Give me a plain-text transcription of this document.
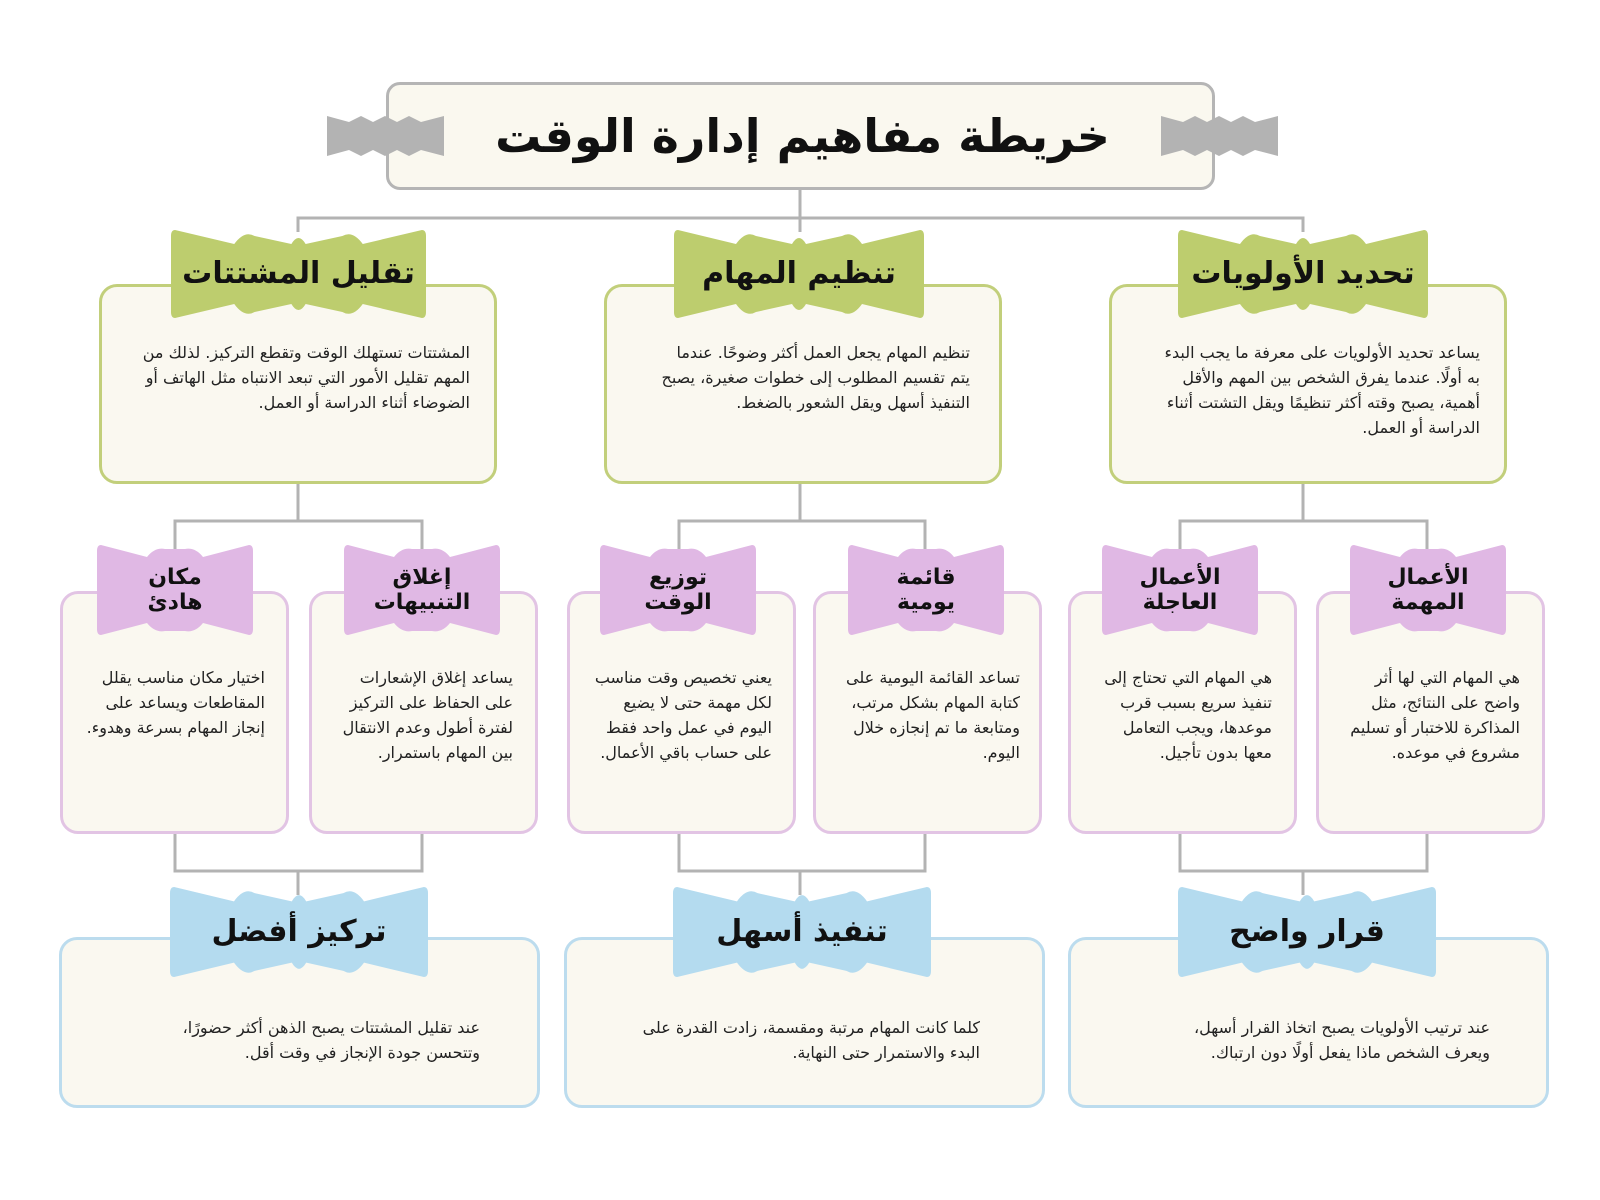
خريطة مفاهيم إدارة الوقت
تحديد الأولويات
يساعد تحديد الأولويات على معرفة ما يجب البدء به أولًا. عندما يفرق الشخص بين المهم والأقل أهمية، يصبح وقته أكثر تنظيمًا ويقل التشتت أثناء الدراسة أو العمل.
تنظيم المهام
تنظيم المهام يجعل العمل أكثر وضوحًا. عندما يتم تقسيم المطلوب إلى خطوات صغيرة، يصبح التنفيذ أسهل ويقل الشعور بالضغط.
تقليل المشتتات
المشتتات تستهلك الوقت وتقطع التركيز. لذلك من المهم تقليل الأمور التي تبعد الانتباه مثل الهاتف أو الضوضاء أثناء الدراسة أو العمل.
الأعمال
المهمة
هي المهام التي لها أثر واضح على النتائج، مثل المذاكرة للاختبار أو تسليم مشروع في موعده.
الأعمال
العاجلة
هي المهام التي تحتاج إلى تنفيذ سريع بسبب قرب موعدها، ويجب التعامل معها بدون تأجيل.
قائمة
يومية
تساعد القائمة اليومية على كتابة المهام بشكل مرتب، ومتابعة ما تم إنجازه خلال اليوم.
توزيع
الوقت
يعني تخصيص وقت مناسب لكل مهمة حتى لا يضيع اليوم في عمل واحد فقط على حساب باقي الأعمال.
إغلاق
التنبيهات
يساعد إغلاق الإشعارات على الحفاظ على التركيز لفترة أطول وعدم الانتقال بين المهام باستمرار.
مكان
هادئ
اختيار مكان مناسب يقلل المقاطعات ويساعد على إنجاز المهام بسرعة وهدوء.
قرار واضح
عند ترتيب الأولويات يصبح اتخاذ القرار أسهل، ويعرف الشخص ماذا يفعل أولًا دون ارتباك.
تنفيذ أسهل
كلما كانت المهام مرتبة ومقسمة، زادت القدرة على البدء والاستمرار حتى النهاية.
تركيز أفضل
عند تقليل المشتتات يصبح الذهن أكثر حضورًا، وتتحسن جودة الإنجاز في وقت أقل.
